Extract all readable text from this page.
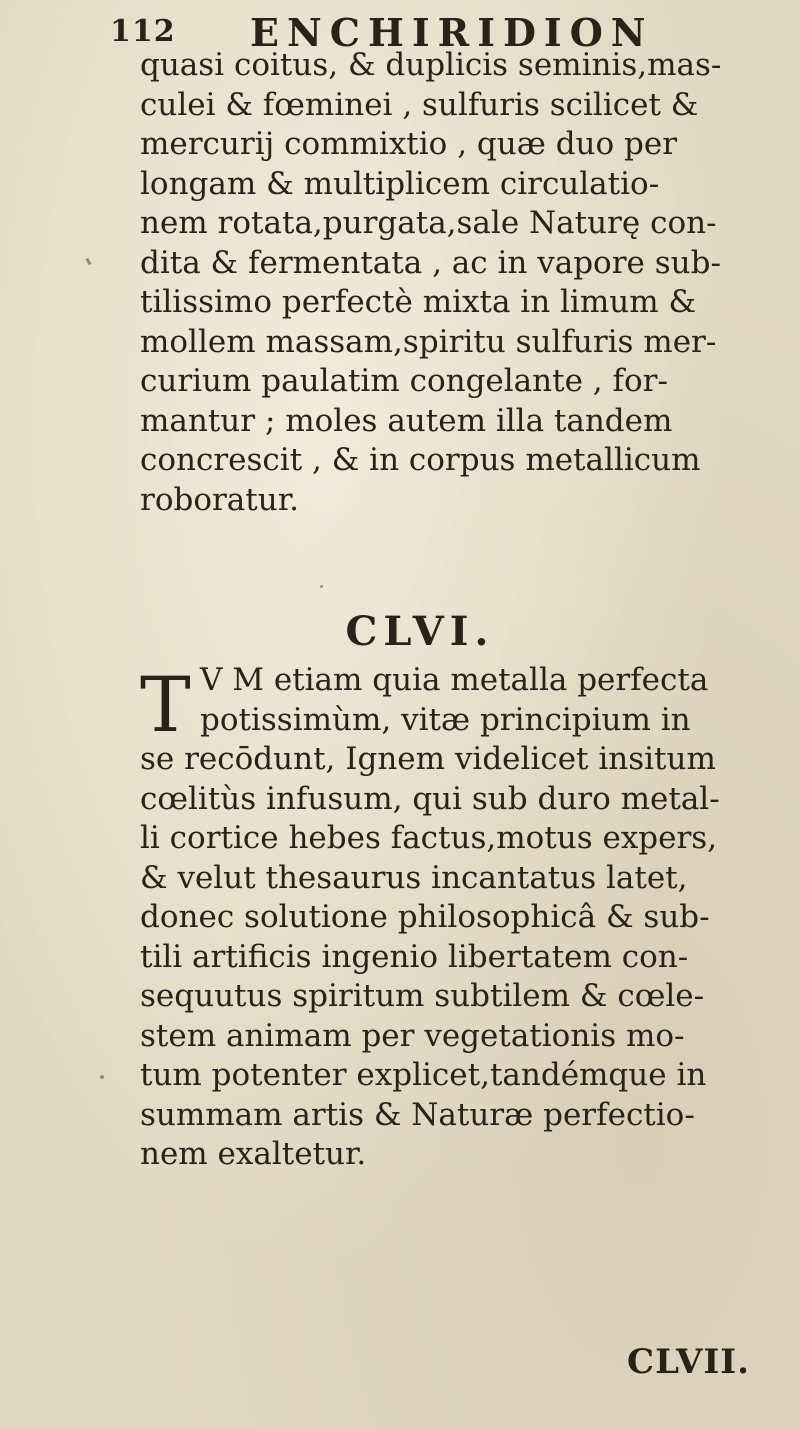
112 ENCHIRIDION
quasi coitus, & duplicis seminis,mas-
culei & fœminei , sulfuris scilicet &
mercurij commixtio , quæ duo per
longam & multiplicem circulatio-
nem rotata,purgata,sale Naturę con-
dita & fermentata , ac in vapore sub-
tilissimo perfectè mixta in limum &
mollem massam,spiritu sulfuris mer-
curium paulatim congelante , for-
mantur ; moles autem illa tandem
concrescit , & in corpus metallicum
roboratur.
CLVI.
T V M etiam quia metalla perfecta
potissimùm, vitæ principium in
se recōdunt, Ignem videlicet insitum
cœlitùs infusum, qui sub duro metal-
li cortice hebes factus,motus expers,
& velut thesaurus incantatus latet,
donec solutione philosophicâ & sub-
tili artificis ingenio libertatem con-
sequutus spiritum subtilem & cœle-
stem animam per vegetationis mo-
tum potenter explicet,tandémque in
summam artis & Naturæ perfectio-
nem exaltetur.
CLVII.
